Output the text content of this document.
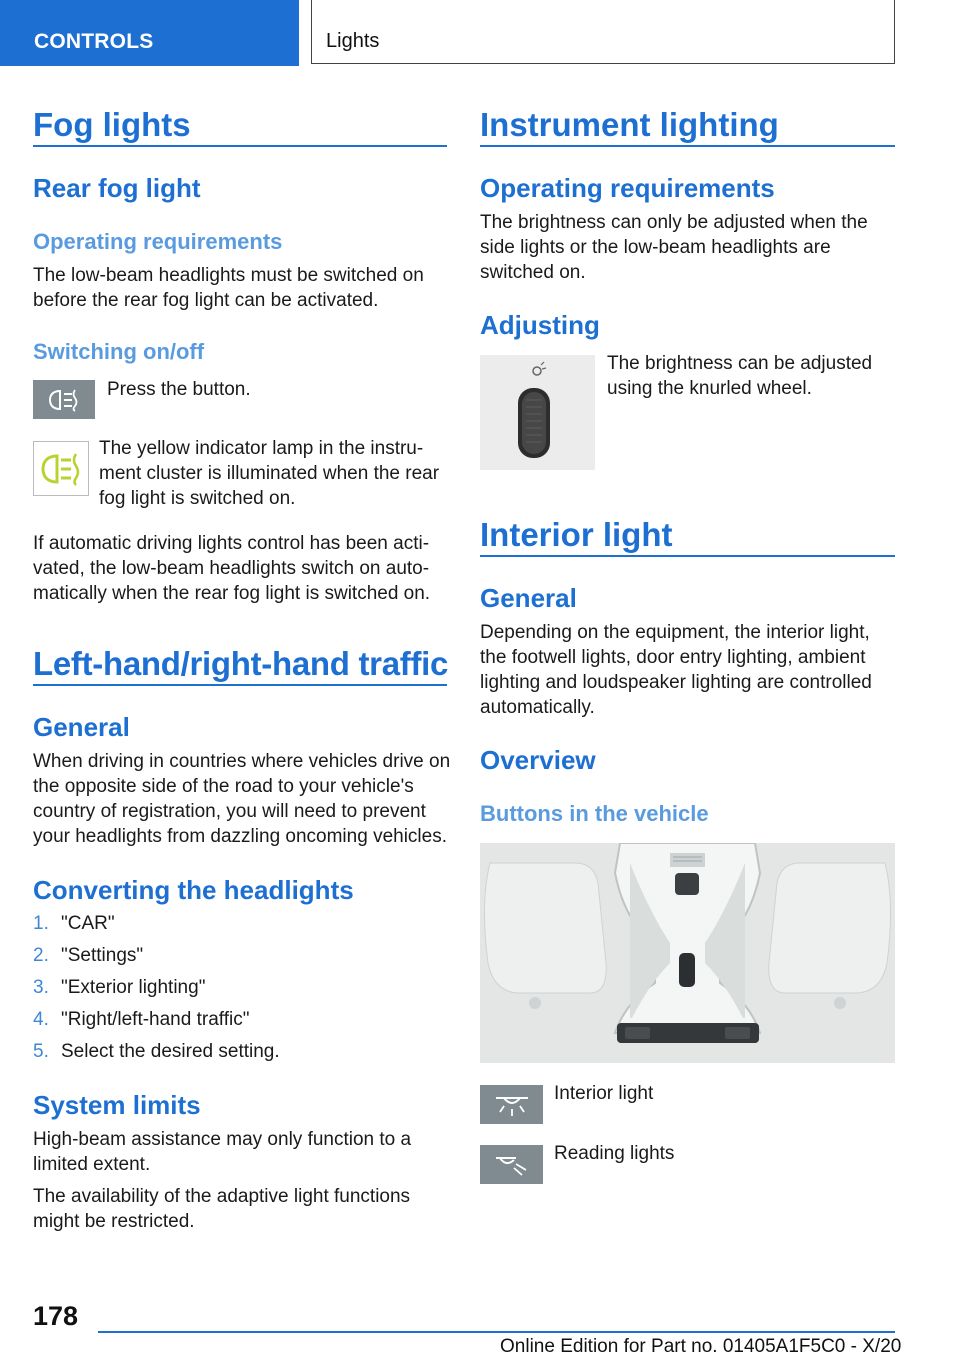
CONTROLS	Lights
Fog lights
Rear fog light
Operating requirements
The low-beam headlights must be switched on before the rear fog light can be activated.
Switching on/off
Press the button.
The yellow indicator lamp in the instru-ment cluster is illuminated when the rear fog light is switched on.
If automatic driving lights control has been acti-vated, the low-beam headlights switch on auto-matically when the rear fog light is switched on.
Left-hand/right-hand traffic
General
When driving in countries where vehicles drive on the opposite side of the road to your vehicle's country of registration, you will need to prevent your headlights from dazzling oncoming vehicles.
Converting the headlights
1. "CAR"
2. "Settings"
3. "Exterior lighting"
4. "Right/left-hand traffic"
5. Select the desired setting.
System limits
High-beam assistance may only function to a limited extent.
The availability of the adaptive light functions might be restricted.
Instrument lighting
Operating requirements
The brightness can only be adjusted when the side lights or the low-beam headlights are switched on.
Adjusting
The brightness can be adjusted using the knurled wheel.
Interior light
General
Depending on the equipment, the interior light, the footwell lights, door entry lighting, ambient lighting and loudspeaker lighting are controlled automatically.
Overview
Buttons in the vehicle
Interior light
Reading lights
178
Online Edition for Part no. 01405A1F5C0 - X/20
